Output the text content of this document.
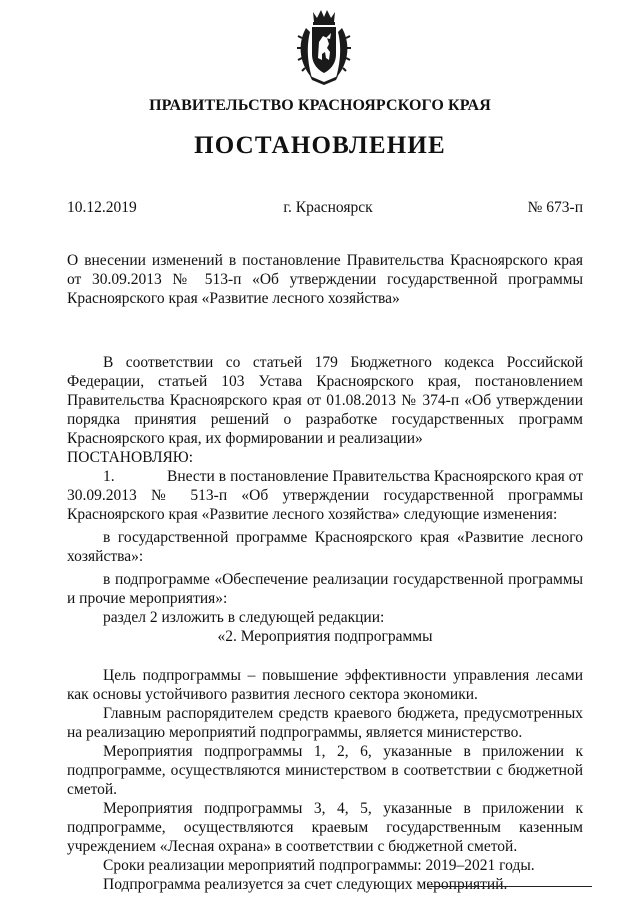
ПРАВИТЕЛЬСТВО КРАСНОЯРСКОГО КРАЯ
ПОСТАНОВЛЕНИЕ
10.12.2019	г. Красноярск	№ 673-п
О внесении изменений в постановление Правительства Красноярского края от 30.09.2013 № 513-п «Об утверждении государственной программы Красноярского края «Развитие лесного хозяйства»

В соответствии со статьей 179 Бюджетного кодекса Российской Федерации, статьей 103 Устава Красноярского края, постановлением Правительства Красноярского края от 01.08.2013 № 374-п «Об утверждении порядка принятия решений о разработке государственных программ Красноярского края, их формировании и реализации»

ПОСТАНОВЛЯЮ:

1.	Внести в постановление Правительства Красноярского края от 30.09.2013 № 513-п «Об утверждении государственной программы Красноярского края «Развитие лесного хозяйства» следующие изменения:

в государственной программе Красноярского края «Развитие лесного хозяйства»:

в подпрограмме «Обеспечение реализации государственной программы и прочие мероприятия»:

раздел 2 изложить в следующей редакции:

«2. Мероприятия подпрограммы

Цель подпрограммы – повышение эффективности управления лесами как основы устойчивого развития лесного сектора экономики.

Главным распорядителем средств краевого бюджета, предусмотренных на реализацию мероприятий подпрограммы, является министерство.

Мероприятия подпрограммы 1, 2, 6, указанные в приложении к подпрограмме, осуществляются министерством в соответствии с бюджетной сметой.

Мероприятия подпрограммы 3, 4, 5, указанные в приложении к подпрограмме, осуществляются краевым государственным казенным учреждением «Лесная охрана» в соответствии с бюджетной сметой.

Сроки реализации мероприятий подпрограммы: 2019–2021 годы.

Подпрограмма реализуется за счет следующих мероприятий.
